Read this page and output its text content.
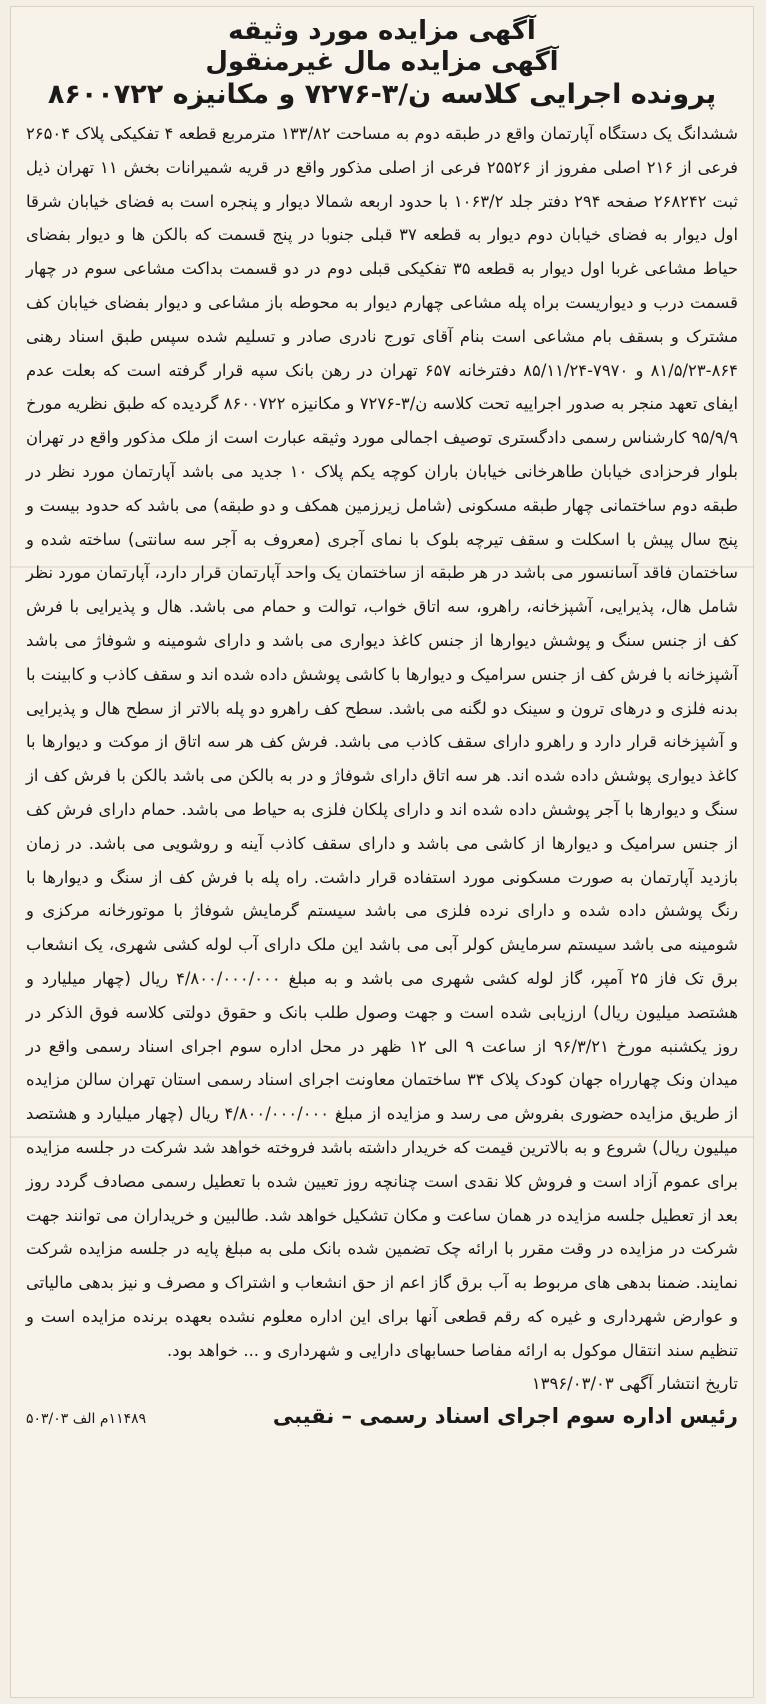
آگهی مزایده مورد وثیقه
آگهی مزایده مال غیرمنقول
پرونده اجرایی کلاسه ن/۳-۷۲۷۶ و مکانیزه ۸۶۰۰۷۲۲

ششدانگ یک دستگاه آپارتمان واقع در طبقه دوم به مساحت ۱۳۳/۸۲ مترمربع قطعه ۴ تفکیکی پلاک ۲۶۵۰۴ فرعی از ۲۱۶ اصلی مفروز از ۲۵۵۲۶ فرعی از اصلی مذکور واقع در قریه شمیرانات بخش ۱۱ تهران ذیل ثبت ۲۶۸۲۴۲ صفحه ۲۹۴ دفتر جلد ۱۰۶۳/۲ با حدود اربعه شمالا دیوار و پنجره است به فضای خیابان شرقا اول دیوار به فضای خیابان دوم دیوار به قطعه ۳۷ قبلی جنوبا در پنج قسمت که بالکن ها و دیوار بفضای حیاط مشاعی غربا اول دیوار به قطعه ۳۵ تفکیکی قبلی دوم در دو قسمت بداکت مشاعی سوم در چهار قسمت درب و دیواریست براه پله مشاعی چهارم دیوار به محوطه باز مشاعی و دیوار بفضای خیابان کف مشترک و بسقف بام مشاعی است بنام آقای تورج نادری صادر و تسلیم شده سپس طبق اسناد رهنی ۸۶۴-۸۱/۵/۲۳ و ۷۹۷۰-۸۵/۱۱/۲۴ دفترخانه ۶۵۷ تهران در رهن بانک سپه قرار گرفته است که بعلت عدم ایفای تعهد منجر به صدور اجراییه تحت کلاسه ن/۳-۷۲۷۶ و مکانیزه ۸۶۰۰۷۲۲ گردیده که طبق نظریه مورخ ۹۵/۹/۹ کارشناس رسمی دادگستری توصیف اجمالی مورد وثیقه عبارت است از ملک مذکور واقع در تهران بلوار فرحزادی خیابان طاهرخانی خیابان باران کوچه یکم پلاک ۱۰ جدید می باشد آپارتمان مورد نظر در طبقه دوم ساختمانی چهار طبقه مسکونی (شامل زیرزمین همکف و دو طبقه) می باشد که حدود بیست و پنج سال پیش با اسکلت و سقف تیرچه بلوک با نمای آجری (معروف به آجر سه سانتی) ساخته شده و ساختمان فاقد آسانسور می باشد در هر طبقه از ساختمان یک واحد آپارتمان قرار دارد، آپارتمان مورد نظر شامل هال، پذیرایی، آشپزخانه، راهرو، سه اتاق خواب، توالت و حمام می باشد. هال و پذیرایی با فرش کف از جنس سنگ و پوشش دیوارها از جنس کاغذ دیواری می باشد و دارای شومینه و شوفاژ می باشد آشپزخانه با فرش کف از جنس سرامیک و دیوارها با کاشی پوشش داده شده اند و سقف کاذب و کابینت با بدنه فلزی و درهای ترون و سینک دو لگنه می باشد. سطح کف راهرو دو پله بالاتر از سطح هال و پذیرایی و آشپزخانه قرار دارد و راهرو دارای سقف کاذب می باشد. فرش کف هر سه اتاق از موکت و دیوارها با کاغذ دیواری پوشش داده شده اند. هر سه اتاق دارای شوفاژ و در به بالکن می باشد بالکن با فرش کف از سنگ و دیوارها با آجر پوشش داده شده اند و دارای پلکان فلزی به حیاط می باشد. حمام دارای فرش کف از جنس سرامیک و دیوارها از کاشی می باشد و دارای سقف کاذب آینه و روشویی می باشد. در زمان بازدید آپارتمان به صورت مسکونی مورد استفاده قرار داشت. راه پله با فرش کف از سنگ و دیوارها با رنگ پوشش داده شده و دارای نرده فلزی می باشد سیستم گرمایش شوفاژ با موتورخانه مرکزی و شومینه می باشد سیستم سرمایش کولر آبی می باشد این ملک دارای آب لوله کشی شهری، یک انشعاب برق تک فاز ۲۵ آمپر، گاز لوله کشی شهری می باشد و به مبلغ ۴/۸۰۰/۰۰۰/۰۰۰ ریال (چهار میلیارد و هشتصد میلیون ریال) ارزیابی شده است و جهت وصول طلب بانک و حقوق دولتی کلاسه فوق الذکر در روز یکشنبه مورخ ۹۶/۳/۲۱ از ساعت ۹ الی ۱۲ ظهر در محل اداره سوم اجرای اسناد رسمی واقع در میدان ونک چهارراه جهان کودک پلاک ۳۴ ساختمان معاونت اجرای اسناد رسمی استان تهران سالن مزایده از طریق مزایده حضوری بفروش می رسد و مزایده از مبلغ ۴/۸۰۰/۰۰۰/۰۰۰ ریال (چهار میلیارد و هشتصد میلیون ریال) شروع و به بالاترین قیمت که خریدار داشته باشد فروخته خواهد شد شرکت در جلسه مزایده برای عموم آزاد است و فروش کلا نقدی است چنانچه روز تعیین شده با تعطیل رسمی مصادف گردد روز بعد از تعطیل جلسه مزایده در همان ساعت و مکان تشکیل خواهد شد. طالبین و خریداران می توانند جهت شرکت در مزایده در وقت مقرر با ارائه چک تضمین شده بانک ملی به مبلغ پایه در جلسه مزایده شرکت نمایند. ضمنا بدهی های مربوط به آب برق گاز اعم از حق انشعاب و اشتراک و مصرف و نیز بدهی مالیاتی و عوارض شهرداری و غیره که رقم قطعی آنها برای این اداره معلوم نشده بعهده برنده مزایده است و تنظیم سند انتقال موکول به ارائه مفاصا حسابهای دارایی و شهرداری و ... خواهد بود.

تاریخ انتشار آگهی ۱۳۹۶/۰۳/۰۳
رئیس اداره سوم اجرای اسناد رسمی – نقیبی
۱۱۴۸۹م الف ۵۰۳/۰۳
